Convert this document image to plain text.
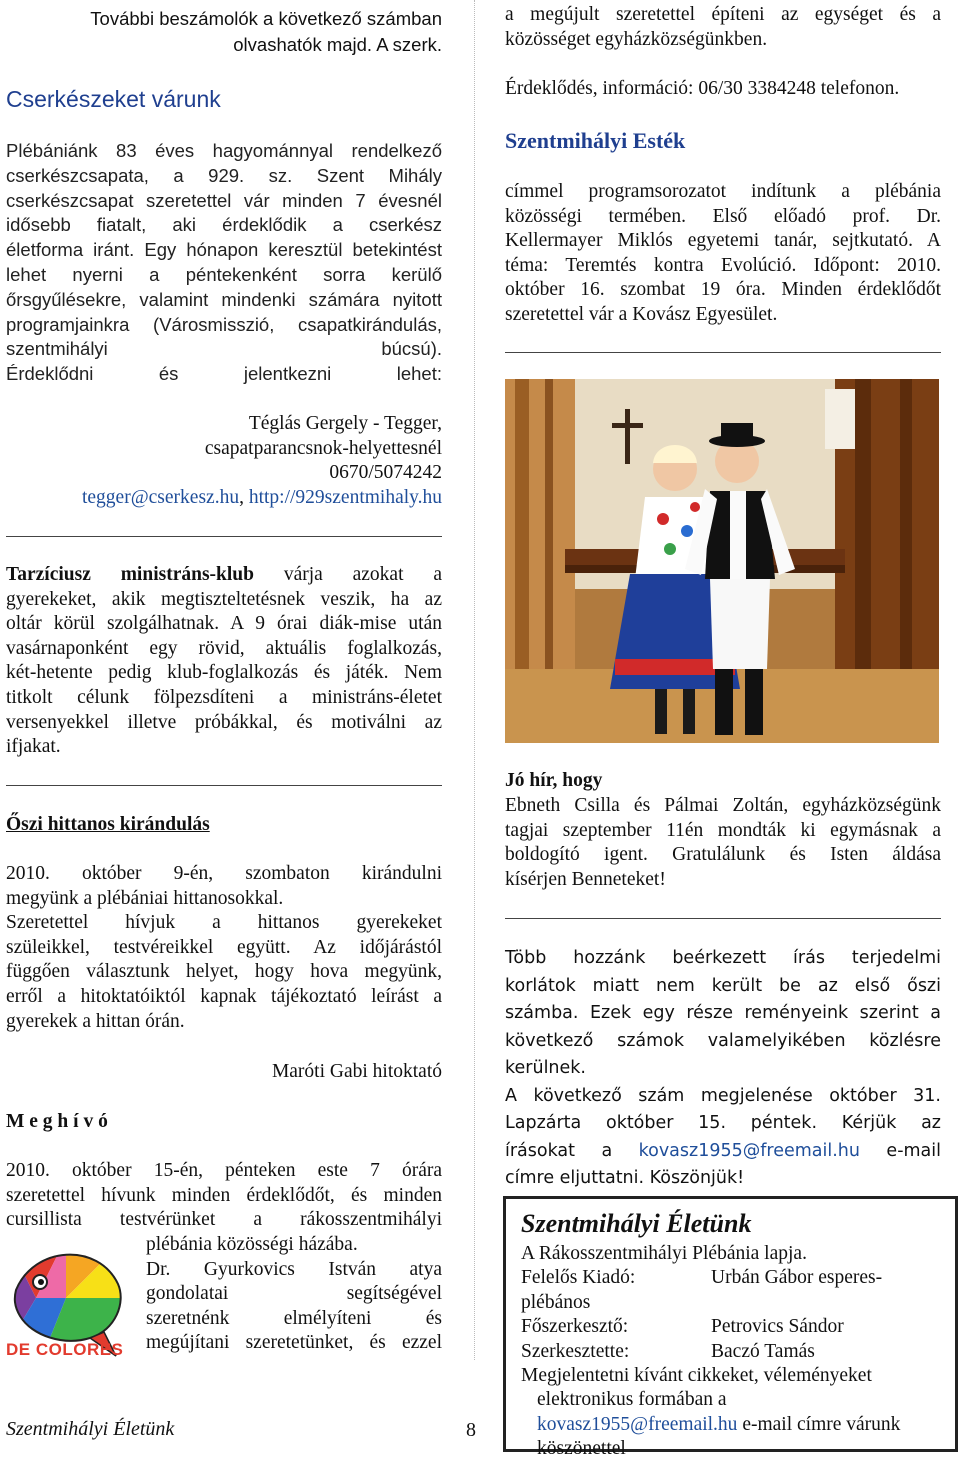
További beszámolók a következő számban
olvashatók majd. A szerk.
Cserkészeket várunk
Plébániánk 83 éves hagyománnyal rendelkező
cserkészcsapata, a 929. sz. Szent Mihály
cserkészcsapat szeretettel vár minden 7 évesnél
idősebb fiatalt, aki érdeklődik a cserkész
életforma iránt. Egy hónapon keresztül betekintést
lehet nyerni a péntekenként sorra kerülő
őrsgyűlésekre, valamint mindenki számára nyitott
programjainkra (Városmisszió, csapatkirándulás,
szentmihályi búcsú).
Érdeklődni és jelentkezni lehet:
Téglás Gergely - Tegger,
csapatparancsnok-helyettesnél
0670/5074242
tegger@cserkesz.hu, http://929szentmihaly.hu
Tarzíciusz ministráns-klub várja azokat a
gyerekeket, akik megtiszteltetésnek veszik, ha az
oltár körül szolgálhatnak. A 9 órai diák-mise után
vasárnaponként egy rövid, aktuális foglalkozás,
két-hetente pedig klub-foglalkozás és játék. Nem
titkolt célunk fölpezsdíteni a ministráns-életet
versenyekkel illetve próbákkal, és motiválni az
ifjakat.
Őszi hittanos kirándulás
2010. október 9-én, szombaton kirándulni
megyünk a plébániai hittanosokkal.
Szeretettel hívjuk a hittanos gyerekeket
szüleikkel, testvéreikkel együtt. Az időjárástól
függően választunk helyet, hogy hova megyünk,
erről a hitoktatóiktól kapnak tájékoztató leírást a
gyerekek a hittan órán.
Maróti Gabi hitoktató
M e g h í v ó
2010. október 15-én, pénteken este 7 órára
szeretettel hívunk minden érdeklődőt, és minden
cursillista testvérünket a rákosszentmihályi
plébánia közösségi házába.
Dr. Gyurkovics István atya
gondolatai segítségével
szeretnénk elmélyíteni és
megújítani szeretetünket, és ezzel
DE COLORES
a megújult szeretettel építeni az egységet és a
közösséget egyházközségünkben.
Érdeklődés, információ: 06/30 3384248 telefonon.
Szentmihályi Esték
címmel programsorozatot indítunk a plébánia
közösségi termében. Első előadó prof. Dr.
Kellermayer Miklós egyetemi tanár, sejtkutató. A
téma: Teremtés kontra Evolúció. Időpont: 2010.
október 16. szombat 19 óra. Minden érdeklődőt
szeretettel vár a Kovász Egyesület.
Jó hír, hogy
Ebneth Csilla és Pálmai Zoltán, egyházközségünk
tagjai szeptember 11én mondták ki egymásnak a
boldogító igent. Gratulálunk és Isten áldása
kísérjen Benneteket!
Több hozzánk beérkezett írás terjedelmi
korlátok miatt nem került be az első őszi
számba. Ezek egy része reményeink szerint a
következő számok valamelyikében közlésre
kerülnek.
A következő szám megjelenése október 31.
Lapzárta október 15. péntek. Kérjük az
írásokat a kovasz1955@freemail.hu e-mail
címre eljuttatni. Köszönjük!
Szentmihályi Életünk
A Rákosszentmihályi Plébánia lapja.
Felelős Kiadó:	Urbán Gábor esperes-
plébános
Főszerkesztő:	Petrovics Sándor
Szerkesztette:	Baczó Tamás
Megjelentetni kívánt cikkeket, véleményeket
elektronikus formában a
kovasz1955@freemail.hu e-mail címre várunk
köszönettel
Szentmihályi Életünk	8
